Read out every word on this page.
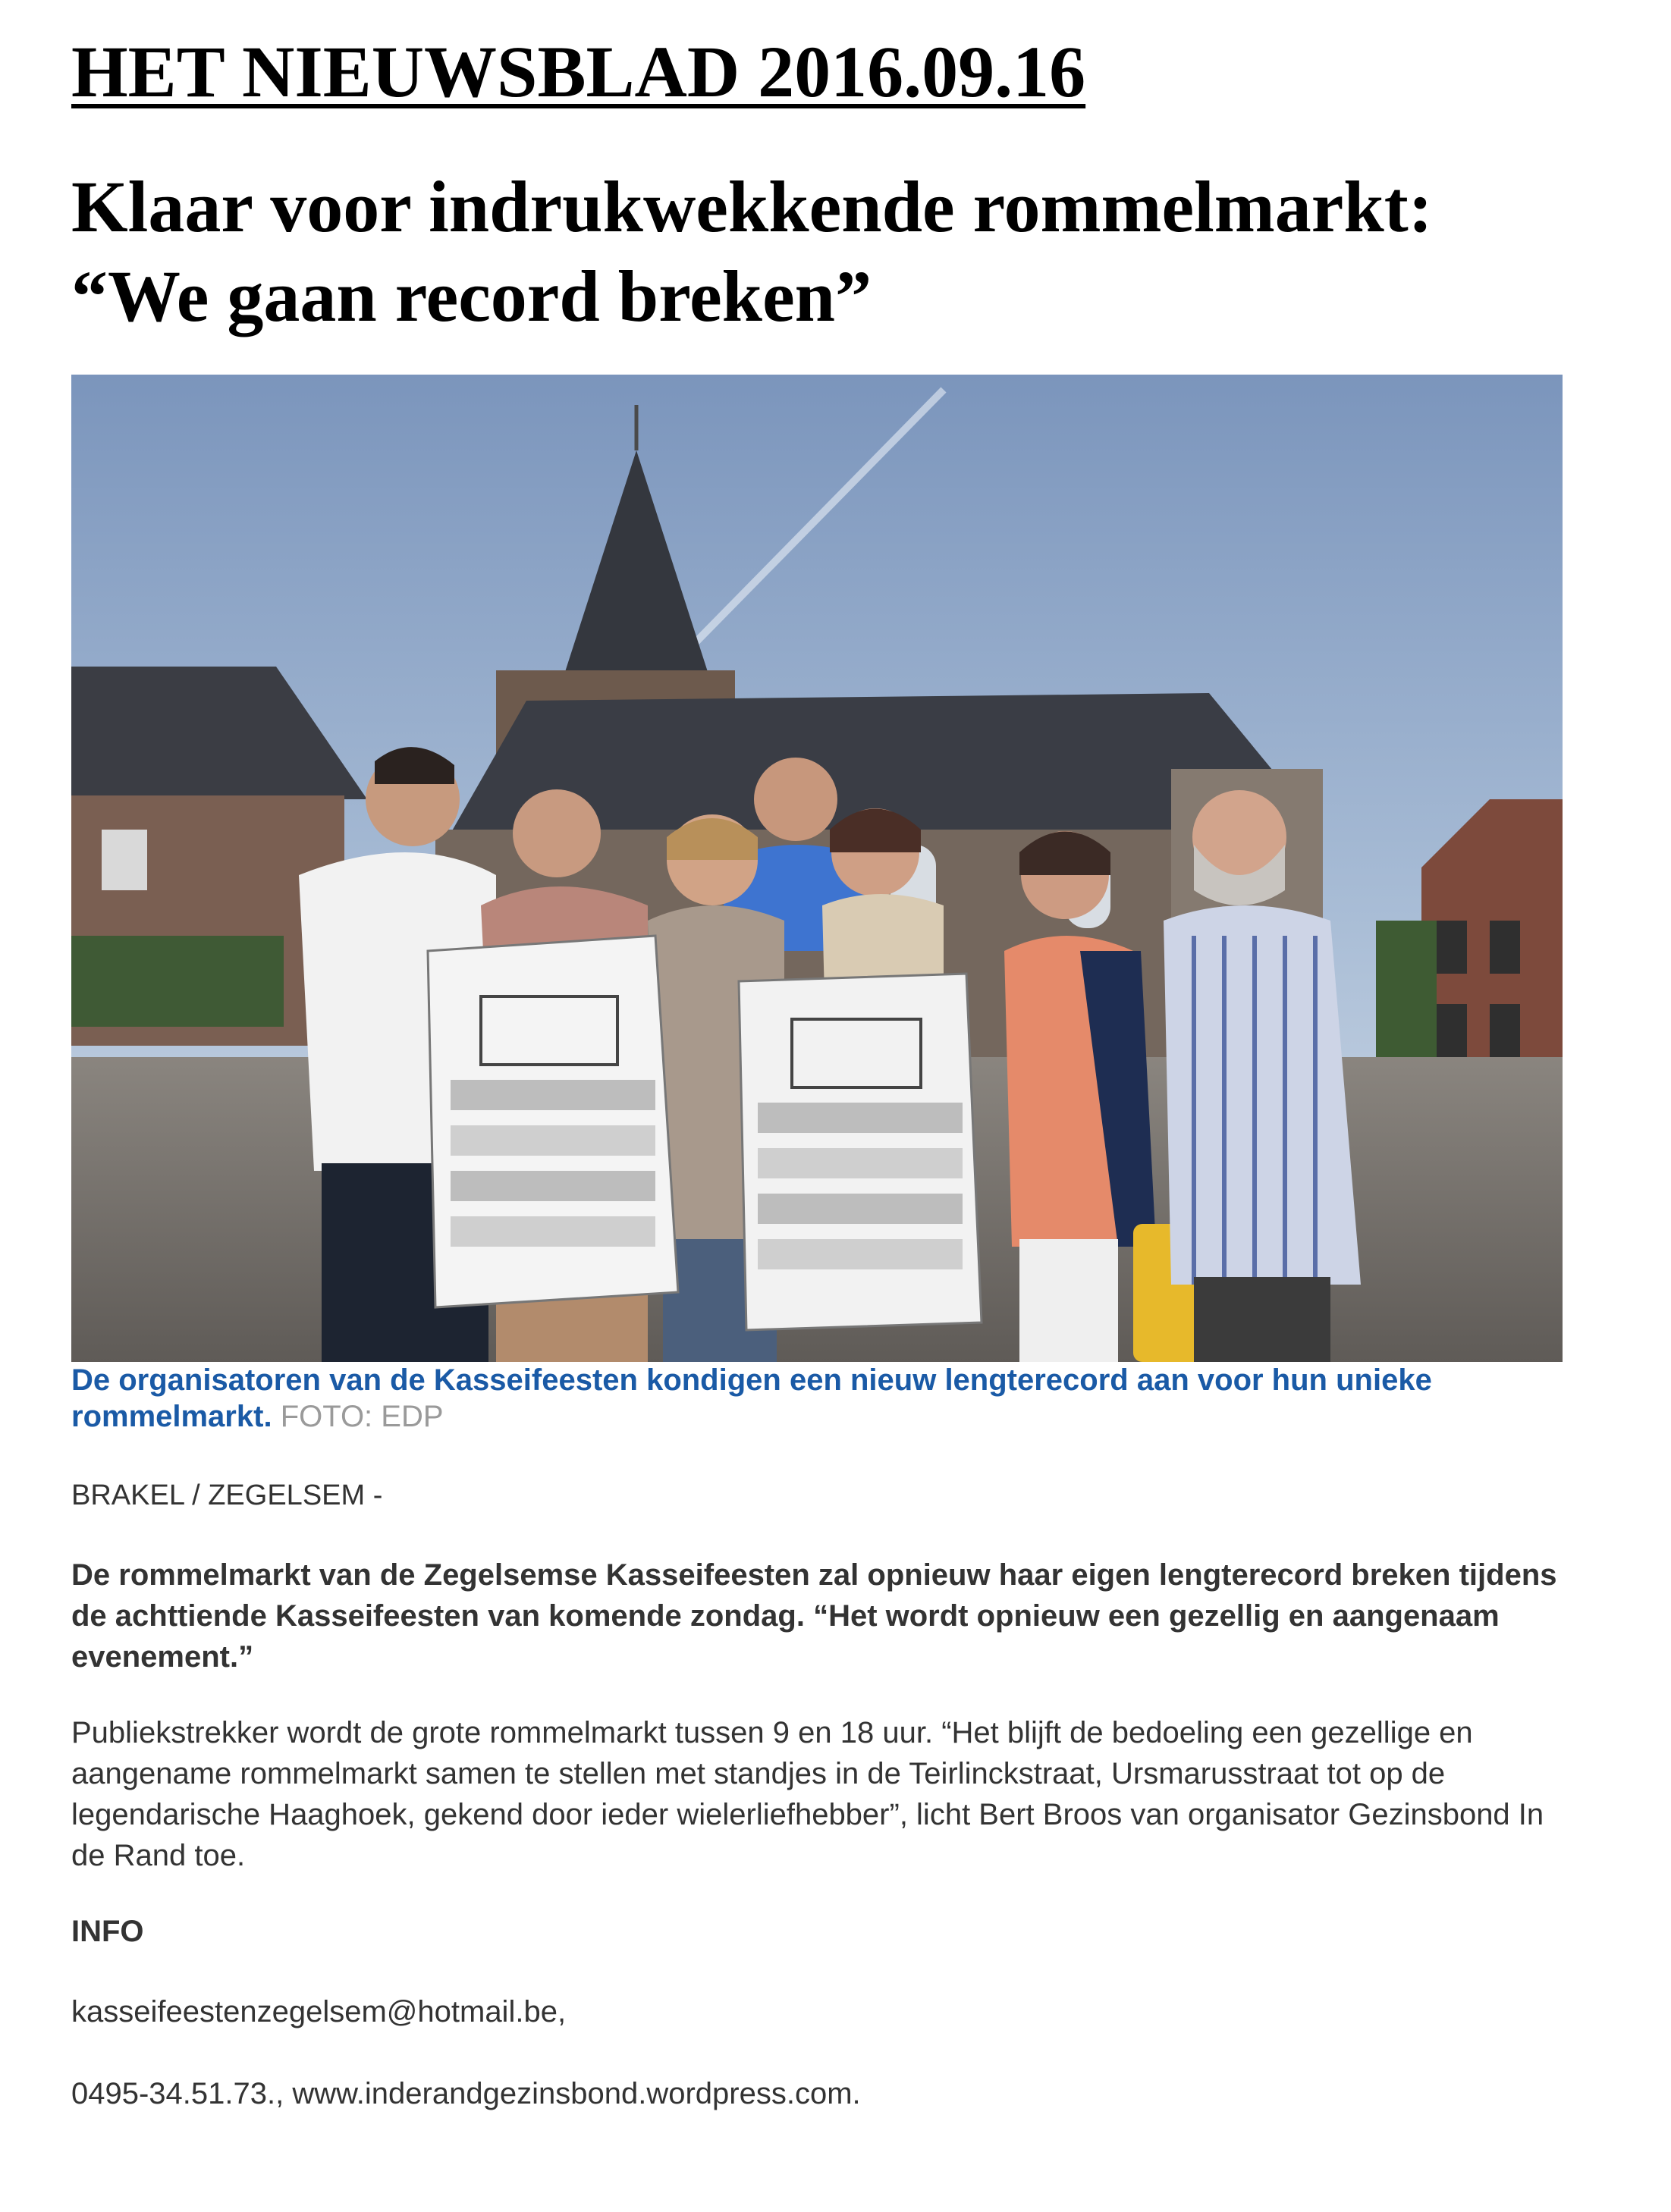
HET NIEUWSBLAD 2016.09.16
Klaar voor indrukwekkende rommelmarkt:
“We gaan record breken”
De organisatoren van de Kasseifeesten kondigen een nieuw lengterecord aan voor hun unieke rommelmarkt. FOTO: EDP
BRAKEL / ZEGELSEM -
De rommelmarkt van de Zegelsemse Kasseifeesten zal opnieuw haar eigen lengterecord breken tijdens de achttiende Kasseifeesten van komende zondag. “Het wordt opnieuw een gezellig en aangenaam evenement.”
Publiekstrekker wordt de grote rommelmarkt tussen 9 en 18 uur. “Het blijft de bedoeling een gezellige en aangename rommelmarkt samen te stellen met standjes in de Teirlinckstraat, Ursmarusstraat tot op de legendarische Haaghoek, gekend door ieder wielerliefhebber”, licht Bert Broos van organisator Gezinsbond In de Rand toe.
INFO
kasseifeestenzegelsem@hotmail.be,
0495-34.51.73., www.inderandgezinsbond.wordpress.com.
